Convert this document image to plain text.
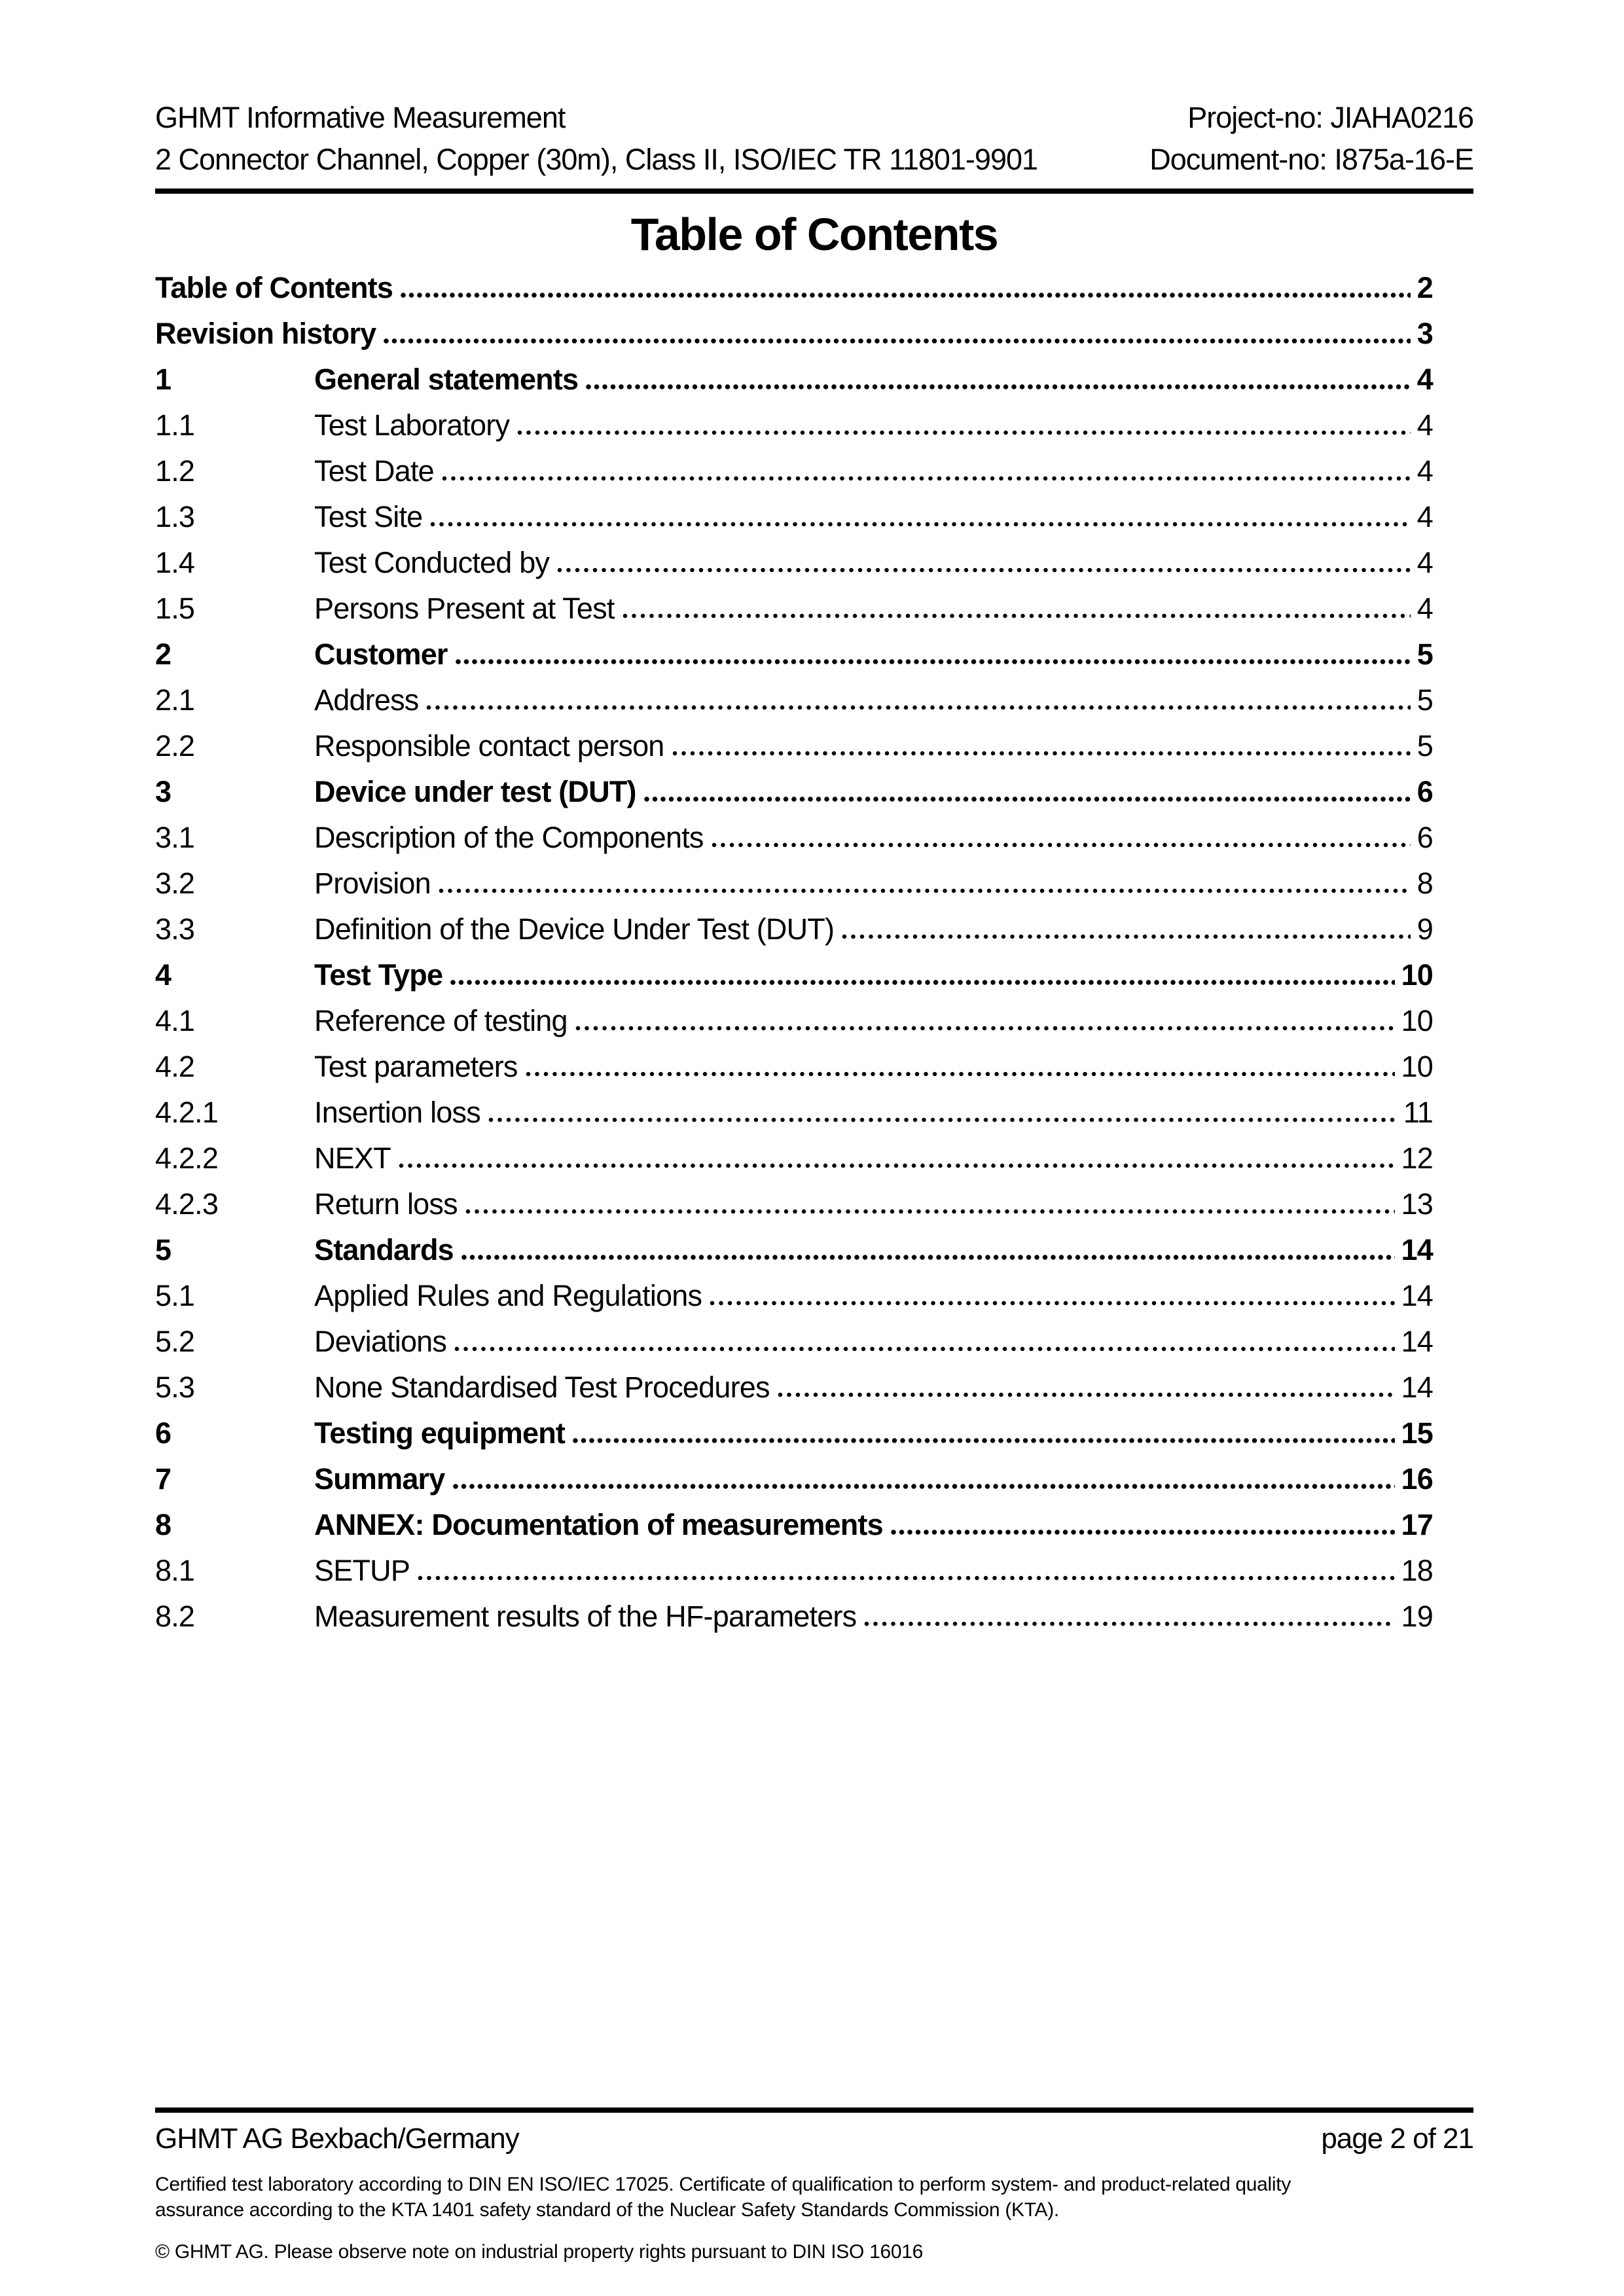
GHMT Informative Measurement
2 Connector Channel, Copper (30m), Class II, ISO/IEC TR 11801-9901
Project-no: JIAHA0216
Document-no: I875a-16-E
Table of Contents
Table of Contents	2
Revision history	3
1	General statements	4
1.1	Test Laboratory	4
1.2	Test Date	4
1.3	Test Site	4
1.4	Test Conducted by	4
1.5	Persons Present at Test	4
2	Customer	5
2.1	Address	5
2.2	Responsible contact person	5
3	Device under test (DUT)	6
3.1	Description of the Components	6
3.2	Provision	8
3.3	Definition of the Device Under Test (DUT)	9
4	Test Type	10
4.1	Reference of testing	10
4.2	Test parameters	10
4.2.1	Insertion loss	11
4.2.2	NEXT	12
4.2.3	Return loss	13
5	Standards	14
5.1	Applied Rules and Regulations	14
5.2	Deviations	14
5.3	None Standardised Test Procedures	14
6	Testing equipment	15
7	Summary	16
8	ANNEX: Documentation of measurements	17
8.1	SETUP	18
8.2	Measurement results of the HF-parameters	19
GHMT AG Bexbach/Germany	page 2 of 21
Certified test laboratory according to DIN EN ISO/IEC 17025. Certificate of qualification to perform system- and product-related quality
assurance according to the KTA 1401 safety standard of the Nuclear Safety Standards Commission (KTA).
© GHMT AG. Please observe note on industrial property rights pursuant to DIN ISO 16016
